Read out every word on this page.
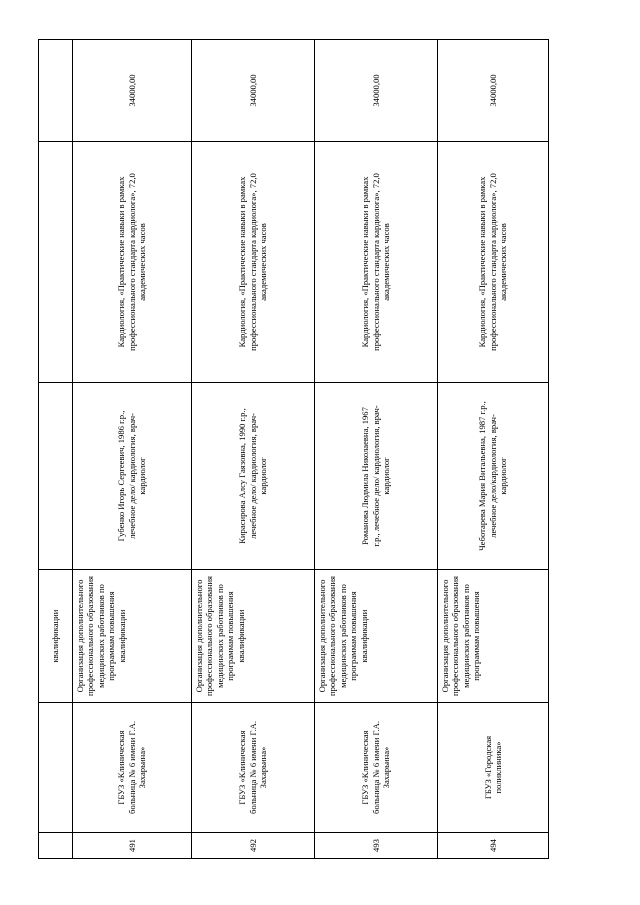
		квалификации			

491	ГБУЗ «Клиническая больница № 6 имени Г.А. Захарьина»	Организация дополнительного профессионального образования медицинских работников по программам повышения квалификации	Губенко Игорь Сергеевич, 1986 г.р., лечебное дело/ кардиология, врач-кардиолог	Кардиология, «Практические навыки в рамках профессионального стандарта кардиолога», 72,0 академических часов	34000,00

492	ГБУЗ «Клиническая больница № 6 имени Г.А. Захарьина»	Организация дополнительного профессионального образования медицинских работников по программам повышения квалификации	Кирасирова Алсу Гаязовна, 1990 г.р., лечебное дело/ кардиология, врач-кардиолог	Кардиология, «Практические навыки в рамках профессионального стандарта кардиолога», 72,0 академических часов	34000,00

493	ГБУЗ «Клиническая больница № 6 имени Г.А. Захарьина»	Организация дополнительного профессионального образования медицинских работников по программам повышения квалификации	Романова Людмила Николаевна, 1967 г.р., лечебное дело/ кардиология, врач-кардиолог	Кардиология, «Практические навыки в рамках профессионального стандарта кардиолога», 72,0 академических часов	34000,00

494	ГБУЗ «Городская поликлиника»	Организация дополнительного профессионального образования медицинских работников по программам повышения	Чеботарева Мария Витальевна, 1987 г.р., лечебное дело/кардиология, врач-кардиолог	Кардиология, «Практические навыки в рамках профессионального стандарта кардиолога», 72,0 академических часов	34000,00
